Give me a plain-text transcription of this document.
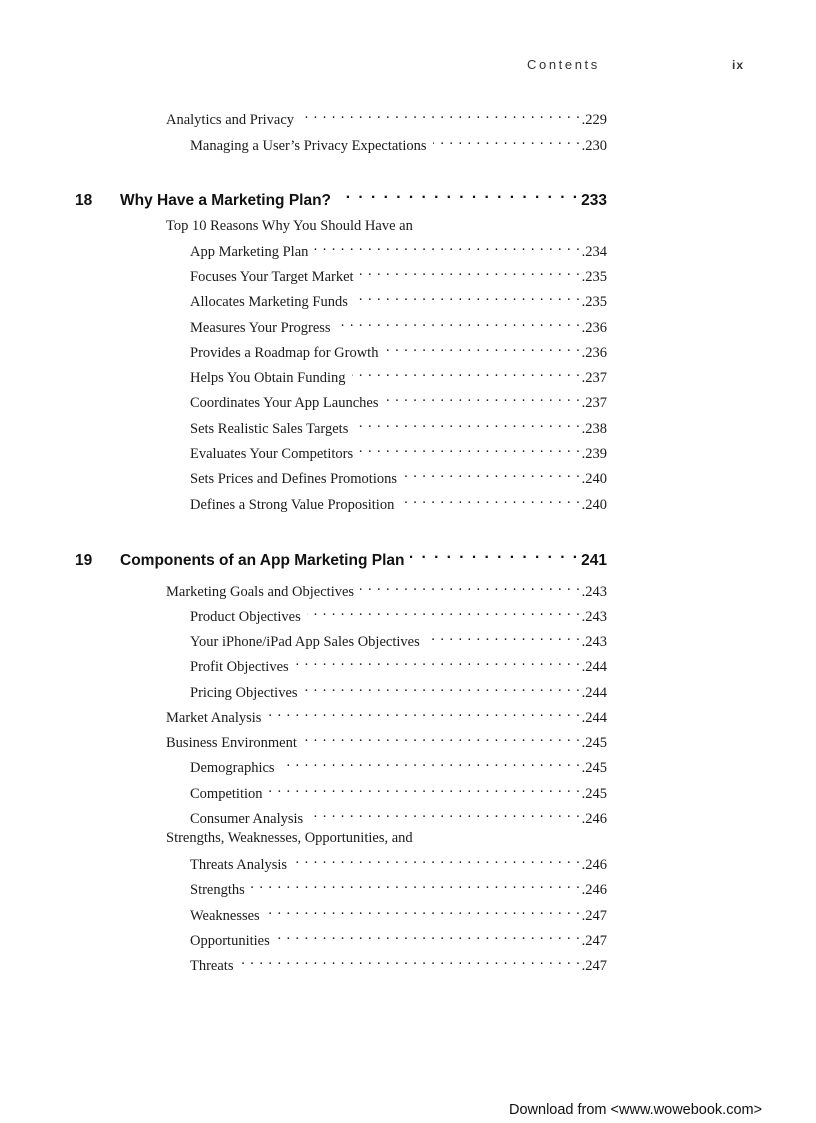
Contents	ix
Analytics and Privacy . . .	.229
Managing a User’s Privacy Expectations . . .	.230
18	Why Have a Marketing Plan? . . .	233
Top 10 Reasons Why You Should Have an
App Marketing Plan . . .	.234
Focuses Your Target Market . . .	.235
Allocates Marketing Funds . . .	.235
Measures Your Progress . . .	.236
Provides a Roadmap for Growth . . .	.236
Helps You Obtain Funding . . .	.237
Coordinates Your App Launches . . .	.237
Sets Realistic Sales Targets . . .	.238
Evaluates Your Competitors . . .	.239
Sets Prices and Defines Promotions . . .	.240
Defines a Strong Value Proposition . . .	.240
19	Components of an App Marketing Plan . . .	241
Marketing Goals and Objectives . . .	.243
Product Objectives . . .	.243
Your iPhone/iPad App Sales Objectives . . .	.243
Profit Objectives . . .	.244
Pricing Objectives . . .	.244
Market Analysis . . .	.244
Business Environment . . .	.245
Demographics . . .	.245
Competition . . .	.245
Consumer Analysis . . .	.246
Strengths, Weaknesses, Opportunities, and
Threats Analysis . . .	.246
Strengths . . .	.246
Weaknesses . . .	.247
Opportunities . . .	.247
Threats . . .	.247
Download from <www.wowebook.com>
